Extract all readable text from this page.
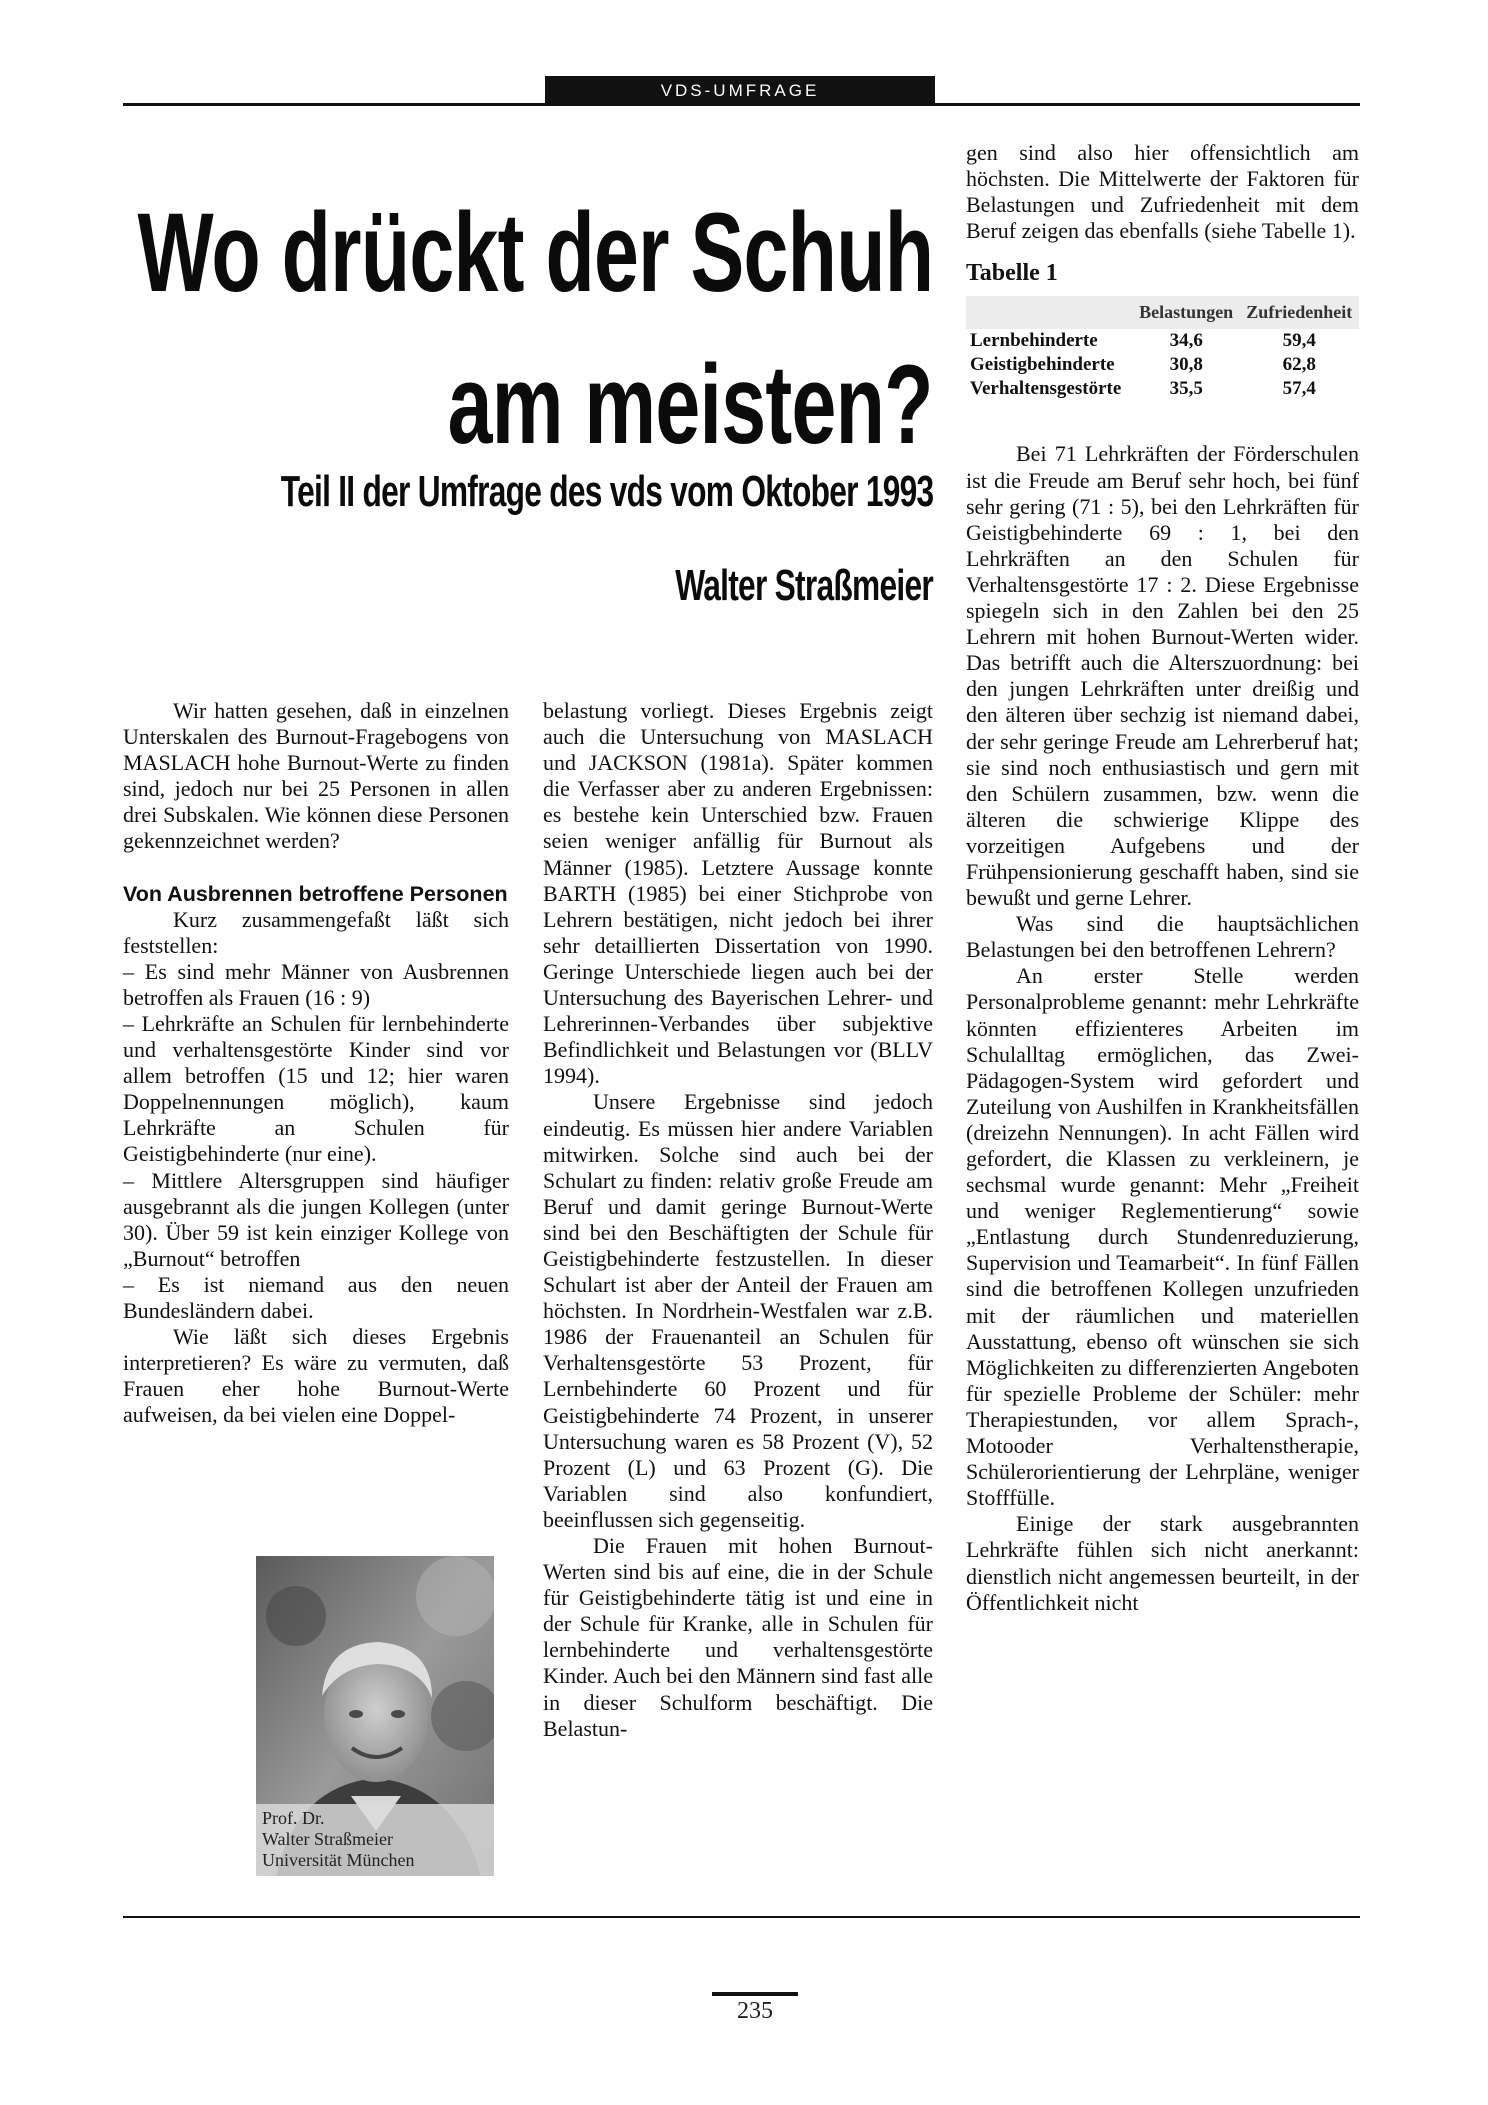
VDS-UMFRAGE
Wo drückt der Schuh
am meisten?
Teil II der Umfrage des vds vom Oktober 1993
Walter Straßmeier

Wir hatten gesehen, daß in einzelnen Unterskalen des Burnout-Fragebogens von MASLACH hohe Burnout-Werte zu finden sind, jedoch nur bei 25 Personen in allen drei Subskalen. Wie können diese Personen gekennzeichnet werden?

Von Ausbrennen betroffene Personen

Kurz zusammengefaßt läßt sich feststellen:

– Es sind mehr Männer von Ausbrennen betroffen als Frauen (16 : 9)

– Lehrkräfte an Schulen für lernbehinderte und verhaltensgestörte Kinder sind vor allem betroffen (15 und 12; hier waren Doppelnennungen möglich), kaum Lehrkräfte an Schulen für Geistigbehinderte (nur eine).

– Mittlere Altersgruppen sind häufiger ausgebrannt als die jungen Kollegen (unter 30). Über 59 ist kein einziger Kollege von „Burnout“ betroffen

– Es ist niemand aus den neuen Bundesländern dabei.

Wie läßt sich dieses Ergebnis interpretieren? Es wäre zu vermuten, daß Frauen eher hohe Burnout-Werte aufweisen, da bei vielen eine Doppel-

Prof. Dr.
Walter Straßmeier
Universität München

belastung vorliegt. Dieses Ergebnis zeigt auch die Untersuchung von MASLACH und JACKSON (1981a). Später kommen die Verfasser aber zu anderen Ergebnissen: es bestehe kein Unterschied bzw. Frauen seien weniger anfällig für Burnout als Männer (1985). Letztere Aussage konnte BARTH (1985) bei einer Stichprobe von Lehrern bestätigen, nicht jedoch bei ihrer sehr detaillierten Dissertation von 1990. Geringe Unterschiede liegen auch bei der Untersuchung des Bayerischen Lehrer- und Lehrerinnen-Verbandes über subjektive Befindlichkeit und Belastungen vor (BLLV 1994).

Unsere Ergebnisse sind jedoch eindeutig. Es müssen hier andere Variablen mitwirken. Solche sind auch bei der Schulart zu finden: relativ große Freude am Beruf und damit geringe Burnout-Werte sind bei den Beschäftigten der Schule für Geistigbehinderte festzustellen. In dieser Schulart ist aber der Anteil der Frauen am höchsten. In Nordrhein-Westfalen war z.B. 1986 der Frauenanteil an Schulen für Verhaltensgestörte 53 Prozent, für Lernbehinderte 60 Prozent und für Geistigbehinderte 74 Prozent, in unserer Untersuchung waren es 58 Prozent (V), 52 Prozent (L) und 63 Prozent (G). Die Variablen sind also konfundiert, beeinflussen sich gegenseitig.

Die Frauen mit hohen Burnout-Werten sind bis auf eine, die in der Schule für Geistigbehinderte tätig ist und eine in der Schule für Kranke, alle in Schulen für lernbehinderte und verhaltensgestörte Kinder. Auch bei den Männern sind fast alle in dieser Schulform beschäftigt. Die Belastun-

gen sind also hier offensichtlich am höchsten. Die Mittelwerte der Faktoren für Belastungen und Zufriedenheit mit dem Beruf zeigen das ebenfalls (siehe Tabelle 1).

Tabelle 1
	Belastungen	Zufriedenheit
Lernbehinderte	34,6	59,4
Geistigbehinderte	30,8	62,8
Verhaltensgestörte	35,5	57,4

Bei 71 Lehrkräften der Förderschulen ist die Freude am Beruf sehr hoch, bei fünf sehr gering (71 : 5), bei den Lehrkräften für Geistigbehinderte 69 : 1, bei den Lehrkräften an den Schulen für Verhaltensgestörte 17 : 2. Diese Ergebnisse spiegeln sich in den Zahlen bei den 25 Lehrern mit hohen Burnout-Werten wider. Das betrifft auch die Alterszuordnung: bei den jungen Lehrkräften unter dreißig und den älteren über sechzig ist niemand dabei, der sehr geringe Freude am Lehrerberuf hat; sie sind noch enthusiastisch und gern mit den Schülern zusammen, bzw. wenn die älteren die schwierige Klippe des vorzeitigen Aufgebens und der Frühpensionierung geschafft haben, sind sie bewußt und gerne Lehrer.

Was sind die hauptsächlichen Belastungen bei den betroffenen Lehrern?

An erster Stelle werden Personalprobleme genannt: mehr Lehrkräfte könnten effizienteres Arbeiten im Schulalltag ermöglichen, das Zwei-Pädagogen-System wird gefordert und Zuteilung von Aushilfen in Krankheitsfällen (dreizehn Nennungen). In acht Fällen wird gefordert, die Klassen zu verkleinern, je sechsmal wurde genannt: Mehr „Freiheit und weniger Reglementierung“ sowie „Entlastung durch Stundenreduzierung, Supervision und Teamarbeit“. In fünf Fällen sind die betroffenen Kollegen unzufrieden mit der räumlichen und materiellen Ausstattung, ebenso oft wünschen sie sich Möglichkeiten zu differenzierten Angeboten für spezielle Probleme der Schüler: mehr Therapiestunden, vor allem Sprach-, Motooder Verhaltenstherapie, Schülerorientierung der Lehrpläne, weniger Stofffülle.

Einige der stark ausgebrannten Lehrkräfte fühlen sich nicht anerkannt: dienstlich nicht angemessen beurteilt, in der Öffentlichkeit nicht

235
